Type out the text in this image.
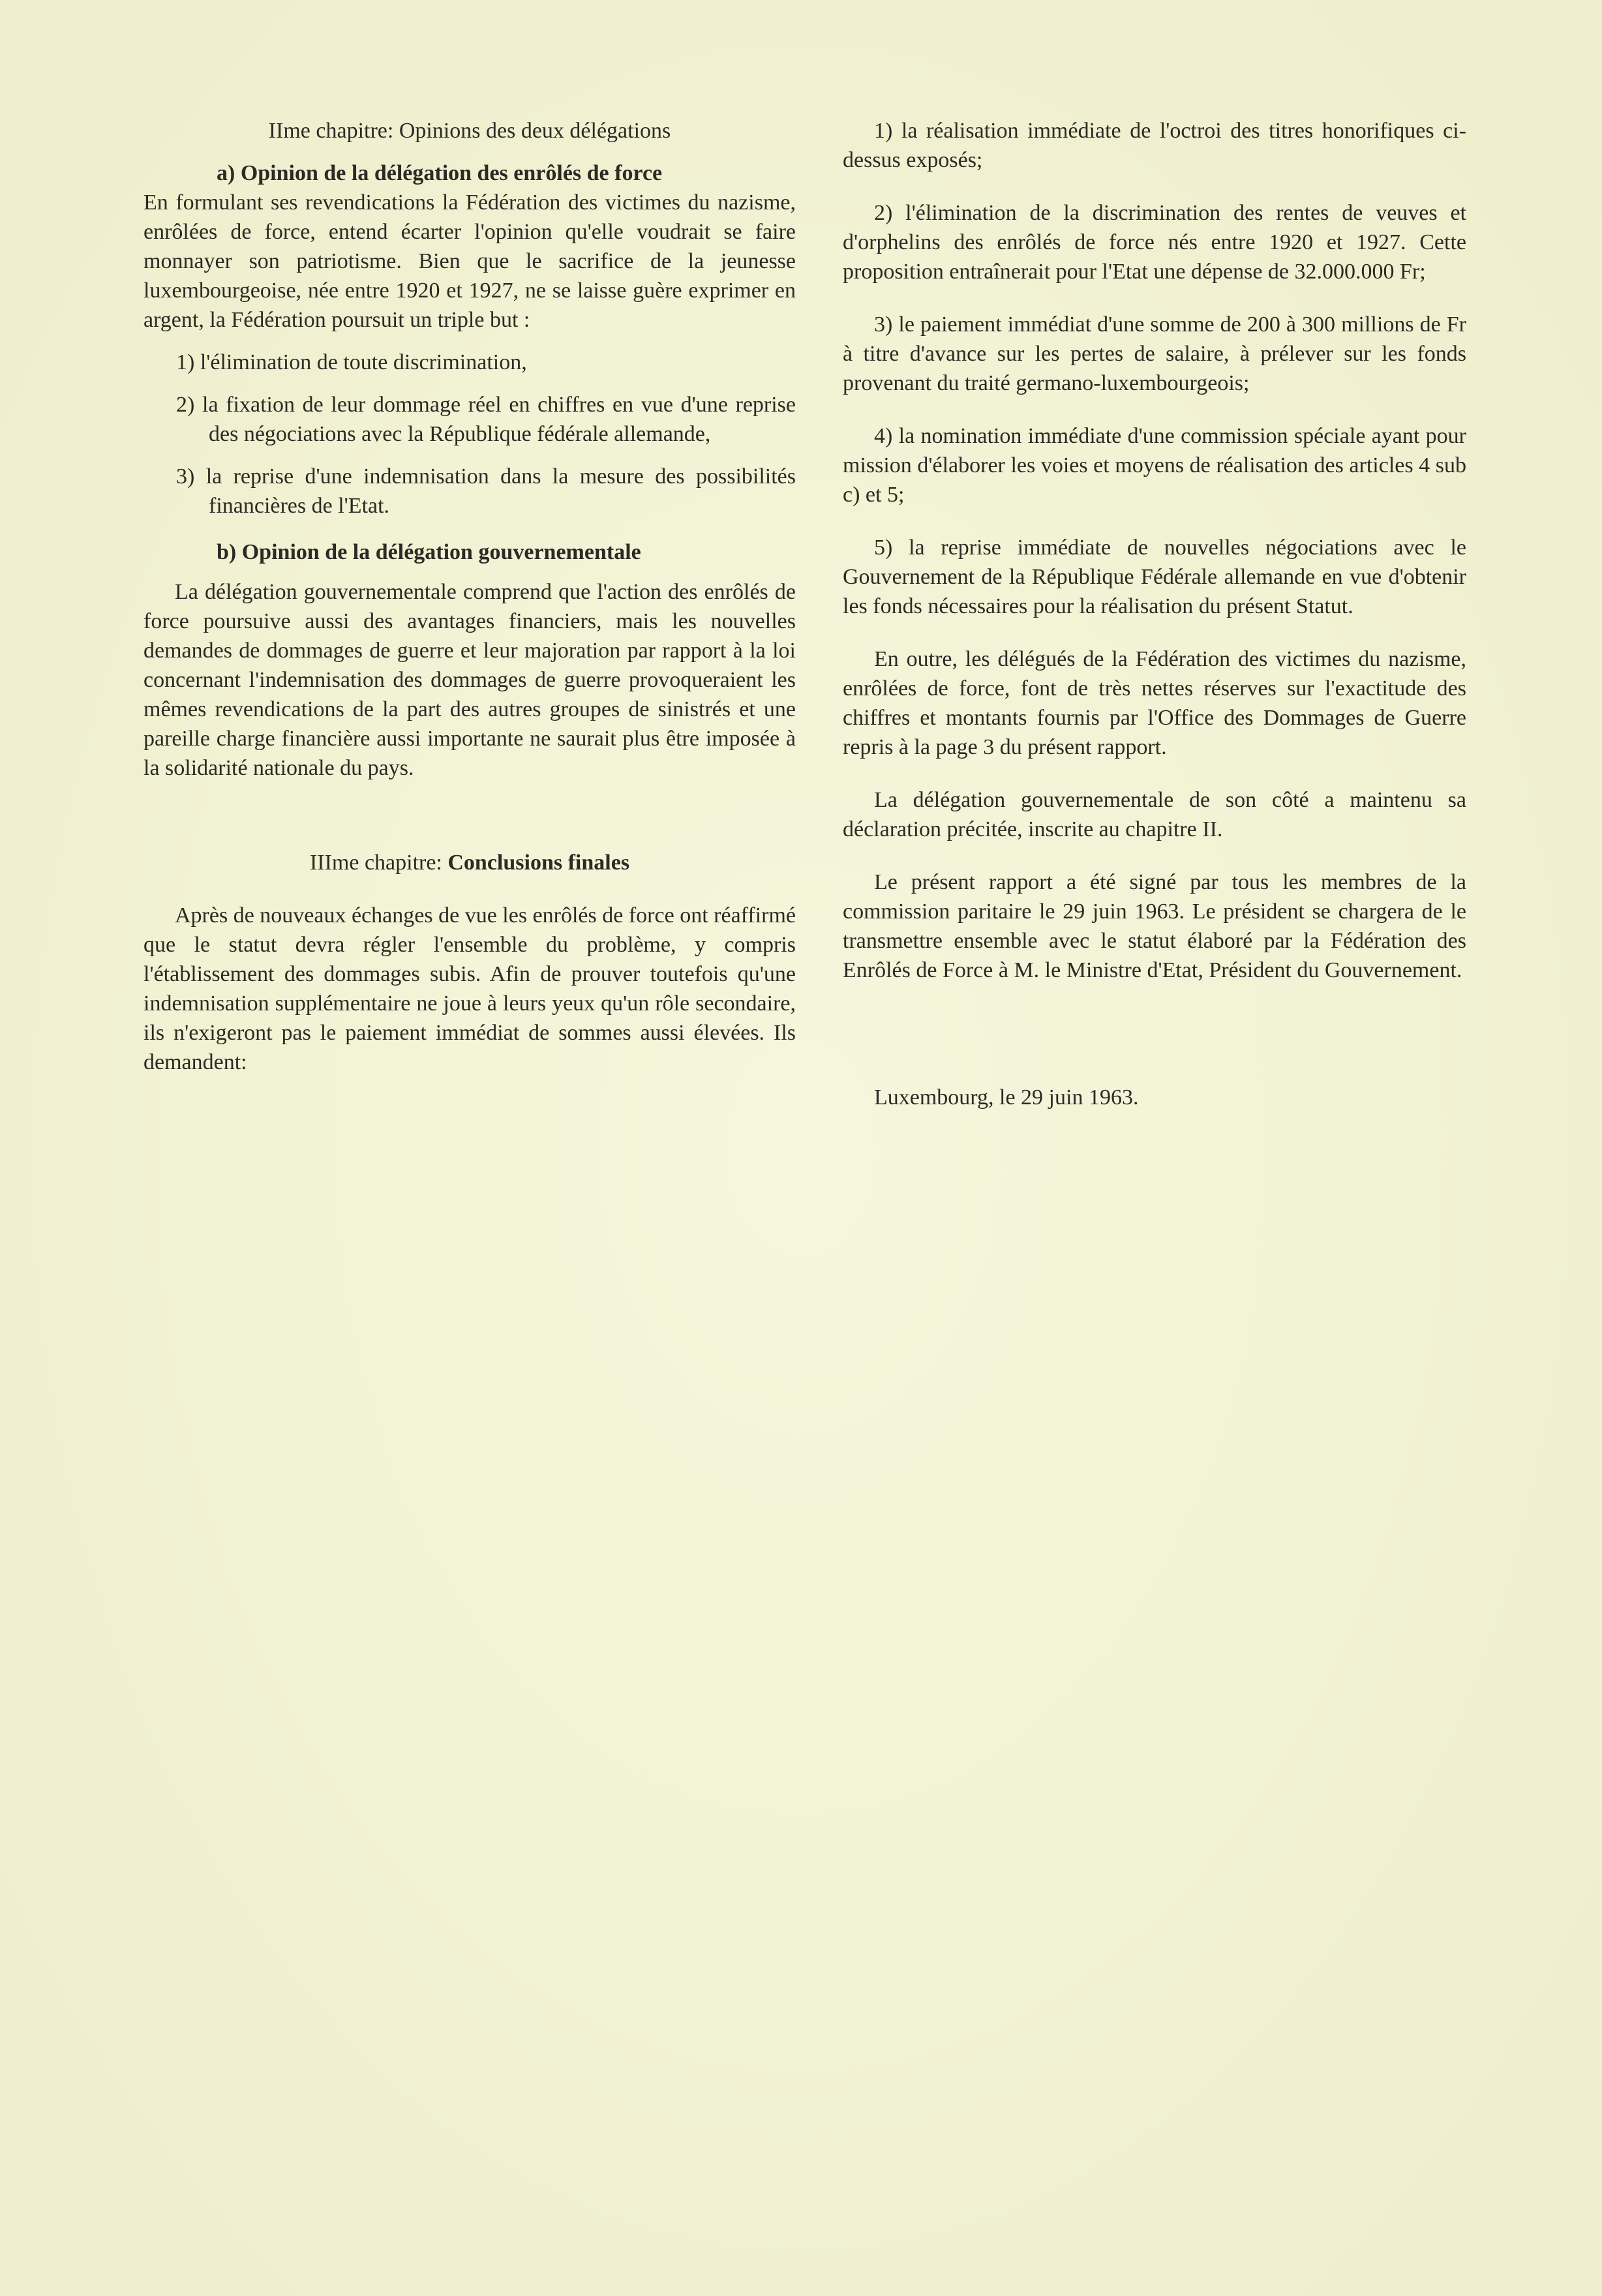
IIme chapitre: Opinions des deux délégations

a) Opinion de la délégation des enrôlés de force

En formulant ses revendications la Fédération des victimes du nazisme, enrôlées de force, entend écarter l'opinion qu'elle voudrait se faire monnayer son patriotisme. Bien que le sacrifice de la jeunesse luxembourgeoise, née entre 1920 et 1927, ne se laisse guère exprimer en argent, la Fédération poursuit un triple but :

1) l'élimination de toute discrimination,

2) la fixation de leur dommage réel en chiffres en vue d'une reprise des négociations avec la République fédérale allemande,

3) la reprise d'une indemnisation dans la mesure des possibilités financières de l'Etat.

b) Opinion de la délégation gouvernementale

La délégation gouvernementale comprend que l'action des enrôlés de force poursuive aussi des avantages financiers, mais les nouvelles demandes de dommages de guerre et leur majoration par rapport à la loi concernant l'indemnisation des dommages de guerre provoqueraient les mêmes revendications de la part des autres groupes de sinistrés et une pareille charge financière aussi importante ne saurait plus être imposée à la solidarité nationale du pays.

IIIme chapitre: Conclusions finales

Après de nouveaux échanges de vue les enrôlés de force ont réaffirmé que le statut devra régler l'ensemble du problème, y compris l'établissement des dommages subis. Afin de prouver toutefois qu'une indemnisation supplémentaire ne joue à leurs yeux qu'un rôle secondaire, ils n'exigeront pas le paiement immédiat de sommes aussi élevées. Ils demandent:

1) la réalisation immédiate de l'octroi des titres honorifiques ci-dessus exposés;

2) l'élimination de la discrimination des rentes de veuves et d'orphelins des enrôlés de force nés entre 1920 et 1927. Cette proposition entraînerait pour l'Etat une dépense de 32.000.000 Fr;

3) le paiement immédiat d'une somme de 200 à 300 millions de Fr à titre d'avance sur les pertes de salaire, à prélever sur les fonds provenant du traité germano-luxembourgeois;

4) la nomination immédiate d'une commission spéciale ayant pour mission d'élaborer les voies et moyens de réalisation des articles 4 sub c) et 5;

5) la reprise immédiate de nouvelles négociations avec le Gouvernement de la République Fédérale allemande en vue d'obtenir les fonds nécessaires pour la réalisation du présent Statut.

En outre, les délégués de la Fédération des victimes du nazisme, enrôlées de force, font de très nettes réserves sur l'exactitude des chiffres et montants fournis par l'Office des Dommages de Guerre repris à la page 3 du présent rapport.

La délégation gouvernementale de son côté a maintenu sa déclaration précitée, inscrite au chapitre II.

Le présent rapport a été signé par tous les membres de la commission paritaire le 29 juin 1963. Le président se chargera de le transmettre ensemble avec le statut élaboré par la Fédération des Enrôlés de Force à M. le Ministre d'Etat, Président du Gouvernement.

Luxembourg, le 29 juin 1963.
